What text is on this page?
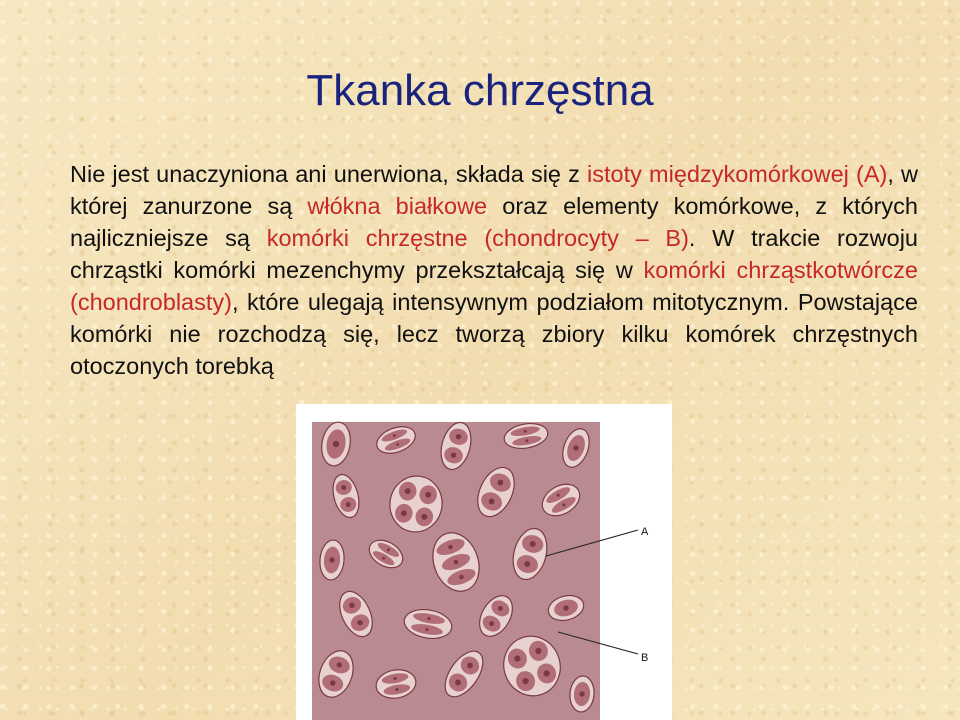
Tkanka chrzęstna

Nie jest unaczyniona ani unerwiona, składa się z istoty międzykomórkowej (A), w której zanurzone są włókna białkowe oraz elementy komórkowe, z których najliczniejsze są komórki chrzęstne (chondrocyty – B). W trakcie rozwoju chrząstki komórki mezenchymy przekształcają się w komórki chrząstkotwórcze (chondroblasty), które ulegają intensywnym podziałom mitotycznym. Powstające komórki nie rozchodzą się, lecz tworzą zbiory kilku komórek chrzęstnych otoczonych torebką

A
B
